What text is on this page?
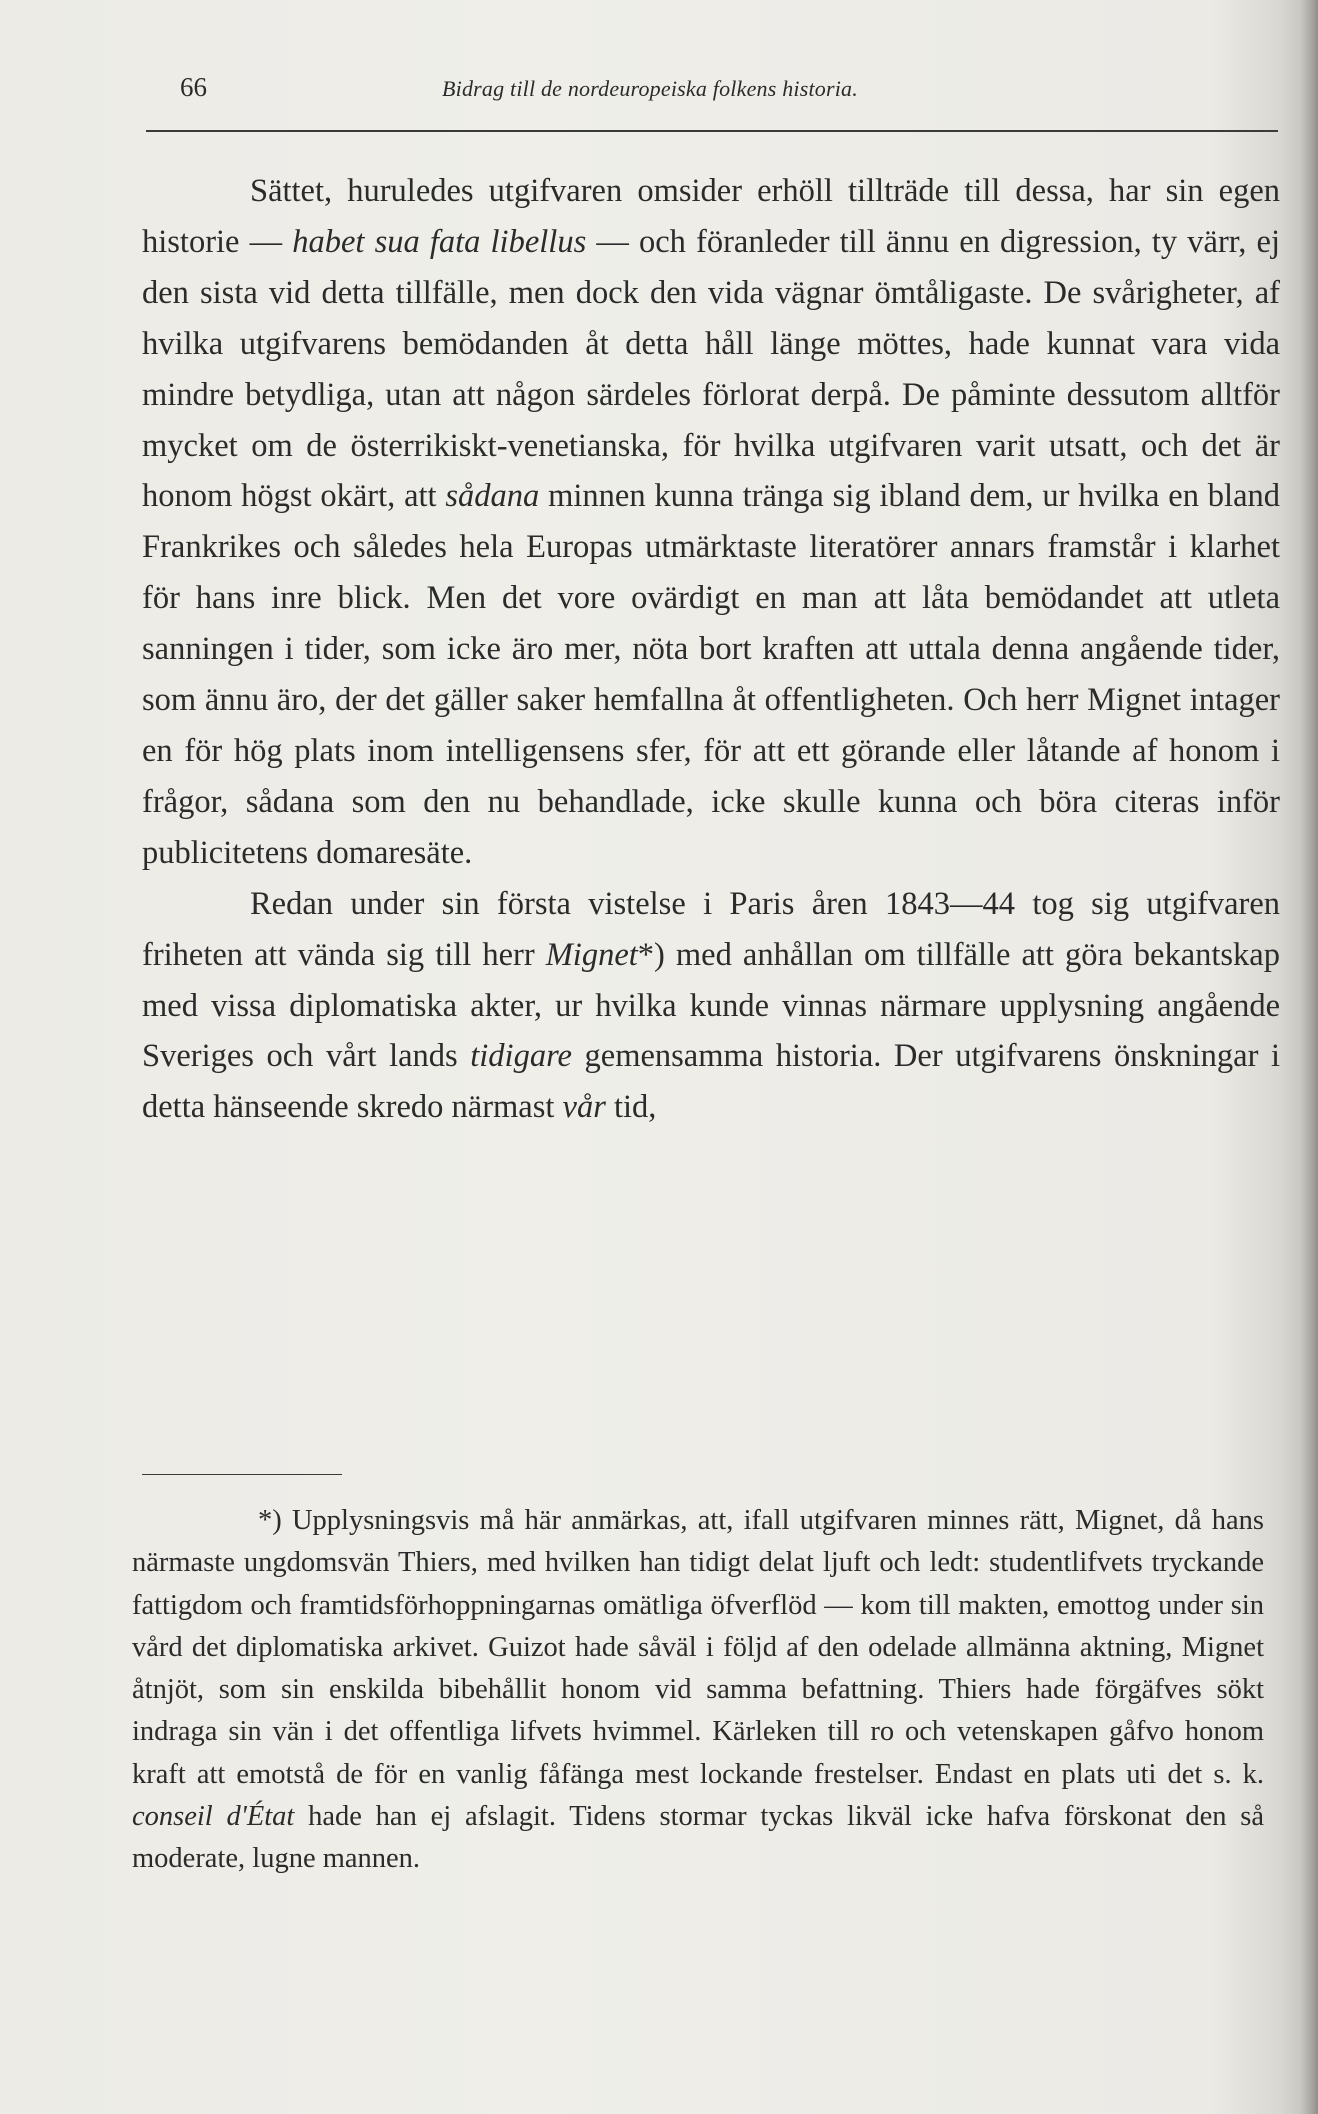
66	Bidrag till de nordeuropeiska folkens historia.

Sättet, huruledes utgifvaren omsider erhöll tillträde till dessa, har sin egen historie — habet sua fata libellus — och föranleder till ännu en digression, ty värr, ej den sista vid detta tillfälle, men dock den vida vägnar ömtåligaste. De svårigheter, af hvilka utgifvarens bemödanden åt detta håll länge möttes, hade kunnat vara vida mindre betydliga, utan att någon särdeles förlorat derpå. De påminte dessutom alltför mycket om de österrikiskt-venetianska, för hvilka utgifvaren varit utsatt, och det är honom högst okärt, att sådana minnen kunna tränga sig ibland dem, ur hvilka en bland Frankrikes och således hela Europas utmärktaste literatörer annars framstår i klarhet för hans inre blick. Men det vore ovärdigt en man att låta bemödandet att utleta sanningen i tider, som icke äro mer, nöta bort kraften att uttala denna angående tider, som ännu äro, der det gäller saker hemfallna åt offentligheten. Och herr Mignet intager en för hög plats inom intelligensens sfer, för att ett görande eller låtande af honom i frågor, sådana som den nu behandlade, icke skulle kunna och böra citeras inför publicitetens domaresäte.

Redan under sin första vistelse i Paris åren 1843—44 tog sig utgifvaren friheten att vända sig till herr Mignet*) med anhållan om tillfälle att göra bekantskap med vissa diplomatiska akter, ur hvilka kunde vinnas närmare upplysning angående Sveriges och vårt lands tidigare gemensamma historia. Der utgifvarens önskningar i detta hänseende skredo närmast vår tid,

*) Upplysningsvis må här anmärkas, att, ifall utgifvaren minnes rätt, Mignet, då hans närmaste ungdomsvän Thiers, med hvilken han tidigt delat ljuft och ledt: studentlifvets tryckande fattigdom och framtidsförhoppningarnas omätliga öfverflöd — kom till makten, emottog under sin vård det diplomatiska arkivet. Guizot hade såväl i följd af den odelade allmänna aktning, Mignet åtnjöt, som sin enskilda bibehållit honom vid samma befattning. Thiers hade förgäfves sökt indraga sin vän i det offentliga lifvets hvimmel. Kärleken till ro och vetenskapen gåfvo honom kraft att emotstå de för en vanlig fåfänga mest lockande frestelser. Endast en plats uti det s. k. conseil d'État hade han ej afslagit. Tidens stormar tyckas likväl icke hafva förskonat den så moderate, lugne mannen.
